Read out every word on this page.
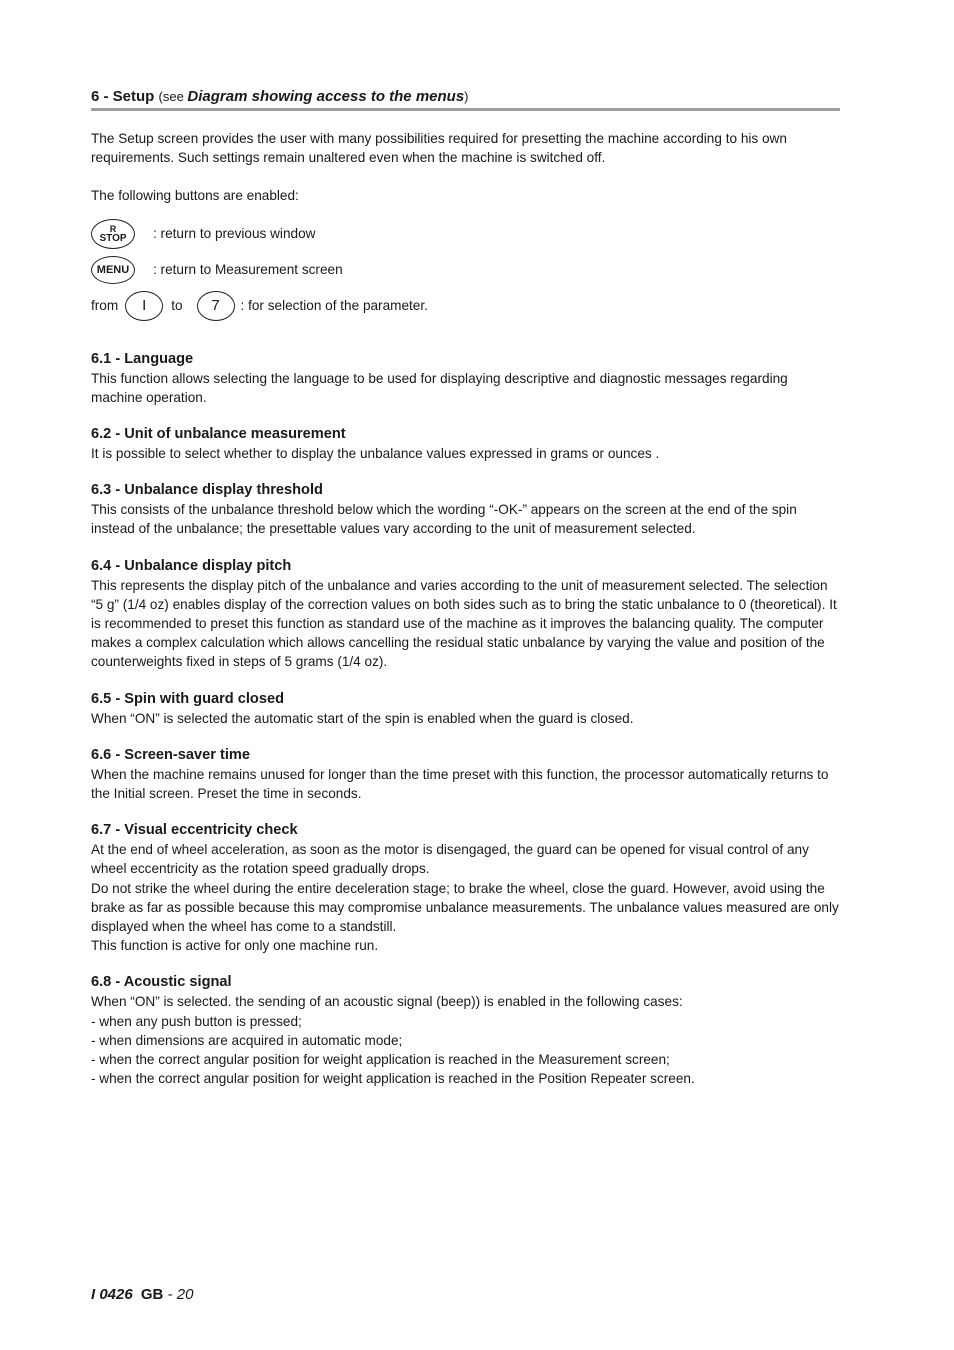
6 - Setup (see Diagram showing access to the menus)

The Setup screen provides the user with many possibilities required for presetting the machine according to his own requirements. Such settings remain unaltered even when the machine is switched off.

The following buttons are enabled:

R
STOP : return to previous window
MENU : return to Measurement screen
from I to 7 : for selection of the parameter.
6.1 - Language

This function allows selecting the language to be used for displaying descriptive and diagnostic messages regarding machine operation.

6.2 - Unit of unbalance measurement

It is possible to select whether to display the unbalance values expressed in grams or ounces .

6.3 - Unbalance display threshold

This consists of the unbalance threshold below which the wording “-OK-” appears on the screen at the end of the spin instead of the unbalance; the presettable values vary according to the unit of measurement selected.

6.4 - Unbalance display pitch

This represents the display pitch of the unbalance and varies according to the unit of measurement selected. The selection “5 g” (1/4 oz) enables display of the correction values on both sides such as to bring the static unbalance to 0 (theoretical). It is recommended to preset this function as standard use of the machine as it improves the balancing quality. The computer makes a complex calculation which allows cancelling the residual static unbalance by varying the value and position of the counterweights fixed in steps of 5 grams (1/4 oz).

6.5 - Spin with guard closed

When “ON” is selected the automatic start of the spin is enabled when the guard is closed.

6.6 - Screen-saver time

When the machine remains unused for longer than the time preset with this function, the processor automatically returns to the Initial screen. Preset the time in seconds.

6.7 - Visual eccentricity check

At the end of wheel acceleration, as soon as the motor is disengaged, the guard can be opened for visual control of any wheel eccentricity as the rotation speed gradually drops.

Do not strike the wheel during the entire deceleration stage; to brake the wheel, close the guard. However, avoid using the brake as far as possible because this may compromise unbalance measurements. The unbalance values measured are only displayed when the wheel has come to a standstill.

This function is active for only one machine run.

6.8 - Acoustic signal

When “ON” is selected. the sending of an acoustic signal (beep)) is enabled in the following cases:

- when any push button is pressed;

- when dimensions are acquired in automatic mode;

- when the correct angular position for weight application is reached in the Measurement screen;

- when the correct angular position for weight application is reached in the Position Repeater screen.

I 0426 GB - 20
